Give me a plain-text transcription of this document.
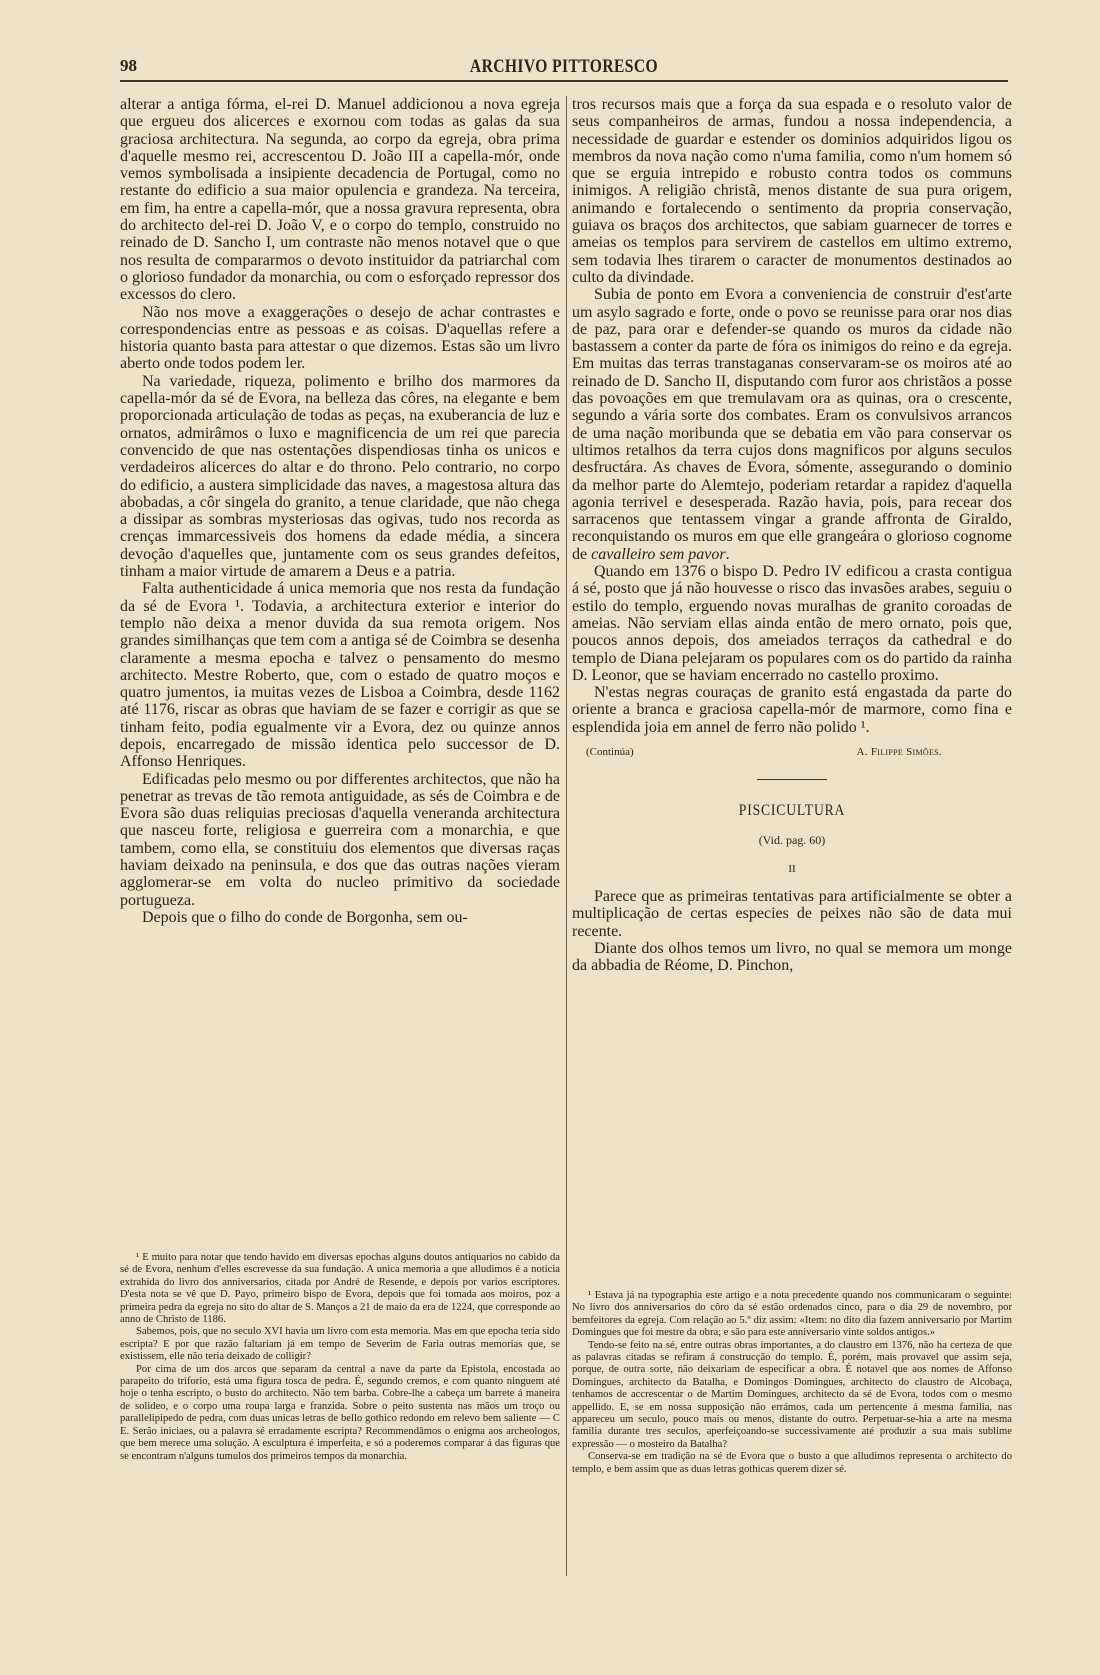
98	ARCHIVO PITTORESCO

alterar a antiga fórma, el-rei D. Manuel addicionou a nova egreja que ergueu dos alicerces e exornou com todas as galas da sua graciosa architectura. Na segunda, ao corpo da egreja, obra prima d'aquelle mesmo rei, accrescentou D. João III a capella-mór, onde vemos symbolisada a insipiente decadencia de Portugal, como no restante do edificio a sua maior opulencia e grandeza. Na terceira, em fim, ha entre a capella-mór, que a nossa gravura representa, obra do architecto del-rei D. João V, e o corpo do templo, construido no reinado de D. Sancho I, um contraste não menos notavel que o que nos resulta de compararmos o devoto instituidor da patriarchal com o glorioso fundador da monarchia, ou com o esforçado repressor dos excessos do clero.

Não nos move a exaggerações o desejo de achar contrastes e correspondencias entre as pessoas e as coisas. D'aquellas refere a historia quanto basta para attestar o que dizemos. Estas são um livro aberto onde todos podem ler.

Na variedade, riqueza, polimento e brilho dos marmores da capella-mór da sé de Evora, na belleza das côres, na elegante e bem proporcionada articulação de todas as peças, na exuberancia de luz e ornatos, admirâmos o luxo e magnificencia de um rei que parecia convencido de que nas ostentações dispendiosas tinha os unicos e verdadeiros alicerces do altar e do throno. Pelo contrario, no corpo do edificio, a austera simplicidade das naves, a magestosa altura das abobadas, a côr singela do granito, a tenue claridade, que não chega a dissipar as sombras mysteriosas das ogivas, tudo nos recorda as crenças immarcessiveis dos homens da edade média, a sincera devoção d'aquelles que, juntamente com os seus grandes defeitos, tinham a maior virtude de amarem a Deus e a patria.

Falta authenticidade á unica memoria que nos resta da fundação da sé de Evora ¹. Todavia, a architectura exterior e interior do templo não deixa a menor duvida da sua remota origem. Nos grandes similhanças que tem com a antiga sé de Coimbra se desenha claramente a mesma epocha e talvez o pensamento do mesmo architecto. Mestre Roberto, que, com o estado de quatro moços e quatro jumentos, ia muitas vezes de Lisboa a Coimbra, desde 1162 até 1176, riscar as obras que haviam de se fazer e corrigir as que se tinham feito, podia egualmente vir a Evora, dez ou quinze annos depois, encarregado de missão identica pelo successor de D. Affonso Henriques.

Edificadas pelo mesmo ou por differentes architectos, que não ha penetrar as trevas de tão remota antiguidade, as sés de Coimbra e de Evora são duas reliquias preciosas d'aquella veneranda architectura que nasceu forte, religiosa e guerreira com a monarchia, e que tambem, como ella, se constituiu dos elementos que diversas raças haviam deixado na peninsula, e dos que das outras nações vieram agglomerar-se em volta do nucleo primitivo da sociedade portugueza.

Depois que o filho do conde de Borgonha, sem ou-

tros recursos mais que a força da sua espada e o resoluto valor de seus companheiros de armas, fundou a nossa independencia, a necessidade de guardar e estender os dominios adquiridos ligou os membros da nova nação como n'uma familia, como n'um homem só que se erguia intrepido e robusto contra todos os communs inimigos. A religião christã, menos distante de sua pura origem, animando e fortalecendo o sentimento da propria conservação, guiava os braços dos architectos, que sabiam guarnecer de torres e ameias os templos para servirem de castellos em ultimo extremo, sem todavia lhes tirarem o caracter de monumentos destinados ao culto da divindade.

Subia de ponto em Evora a conveniencia de construir d'est'arte um asylo sagrado e forte, onde o povo se reunisse para orar nos dias de paz, para orar e defender-se quando os muros da cidade não bastassem a conter da parte de fóra os inimigos do reino e da egreja. Em muitas das terras transtaganas conservaram-se os moiros até ao reinado de D. Sancho II, disputando com furor aos christãos a posse das povoações em que tremulavam ora as quinas, ora o crescente, segundo a vária sorte dos combates. Eram os convulsivos arrancos de uma nação moribunda que se debatia em vão para conservar os ultimos retalhos da terra cujos dons magnificos por alguns seculos desfructára. As chaves de Evora, sómente, assegurando o dominio da melhor parte do Alemtejo, poderiam retardar a rapidez d'aquella agonia terrivel e desesperada. Razão havia, pois, para recear dos sarracenos que tentassem vingar a grande affronta de Giraldo, reconquistando os muros em que elle grangeára o glorioso cognome de cavalleiro sem pavor.

Quando em 1376 o bispo D. Pedro IV edificou a crasta contigua á sé, posto que já não houvesse o risco das invasões arabes, seguiu o estilo do templo, erguendo novas muralhas de granito coroadas de ameias. Não serviam ellas ainda então de mero ornato, pois que, poucos annos depois, dos ameiados terraços da cathedral e do templo de Diana pelejaram os populares com os do partido da rainha D. Leonor, que se haviam encerrado no castello proximo.

N'estas negras couraças de granito está engastada da parte do oriente a branca e graciosa capella-mór de marmore, como fina e esplendida joia em annel de ferro não polido ¹.

(Continúa)	A. Filippe Simões.
PISCICULTURA
(Vid. pag. 60)
II

Parece que as primeiras tentativas para artificialmente se obter a multiplicação de certas especies de peixes não são de data mui recente.

Diante dos olhos temos um livro, no qual se memora um monge da abbadia de Réome, D. Pinchon,

¹ É muito para notar que tendo havido em diversas epochas alguns doutos antiquarios no cabido da sé de Evora, nenhum d'elles escrevesse da sua fundação. A unica memoria a que alludimos é a noticia extrahida do livro dos anniversarios, citada por André de Resende, e depois por varios escriptores. D'esta nota se vê que D. Payo, primeiro bispo de Evora, depois que foi tomada aos moiros, poz a primeira pedra da egreja no sito do altar de S. Manços a 21 de maio da era de 1224, que corresponde ao anno de Christo de 1186.

Sabemos, pois, que no seculo XVI havia um livro com esta memoria. Mas em que epocha teria sido escripta? E por que razão faltariam já em tempo de Severim de Faria outras memorias que, se existissem, elle não teria deixado de colligir?

Por cima de um dos arcos que separam da central a nave da parte da Epistola, encostada ao parapeito do triforio, está uma figura tosca de pedra. É, segundo cremos, e com quanto ninguem até hoje o tenha escripto, o busto do architecto. Não tem barba. Cobre-lhe a cabeça um barrete á maneira de solideo, e o corpo uma roupa larga e franzida. Sobre o peito sustenta nas mãos um troço ou parallelipipedo de pedra, com duas unicas letras de bello gothico redondo em relevo bem saliente — C E. Serão iniciaes, ou a palavra sé erradamente escripta? Recommendâmos o enigma aos archeologos, que bem merece uma solução. A esculptura é imperfeita, e só a poderemos comparar á das figuras que se encontram n'alguns tumulos dos primeiros tempos da monarchia.

¹ Estava já na typographia este artigo e a nota precedente quando nos communicaram o seguinte: No livro dos anniversarios do côro da sé estão ordenados cinco, para o dia 29 de novembro, por bemfeitores da egreja. Com relação ao 5.º diz assim: «Item: no dito dia fazem anniversario por Martim Domingues que foi mestre da obra; e são para este anniversario vinte soldos antigos.»

Tendo-se feito na sé, entre outras obras importantes, a do claustro em 1376, não ha certeza de que as palavras citadas se refiram á construcção do templo. É, porém, mais provavel que assim seja, porque, de outra sorte, não deixariam de especificar a obra. É notavel que aos nomes de Affonso Domingues, architecto da Batalha, e Domingos Domingues, architecto do claustro de Alcobaça, tenhamos de accrescentar o de Martim Domingues, architecto da sé de Evora, todos com o mesmo appellido. E, se em nossa supposição não errámos, cada um pertencente á mesma familia, nas appareceu um seculo, pouco mais ou menos, distante do outro. Perpetuar-se-hia a arte na mesma familia durante tres seculos, aperfeiçoando-se successivamente até produzir a sua mais sublime expressão — o mosteiro da Batalha?

Conserva-se em tradição na sé de Evora que o busto a que alludimos representa o architecto do templo, e bem assim que as duas letras gothicas querem dizer sé.
